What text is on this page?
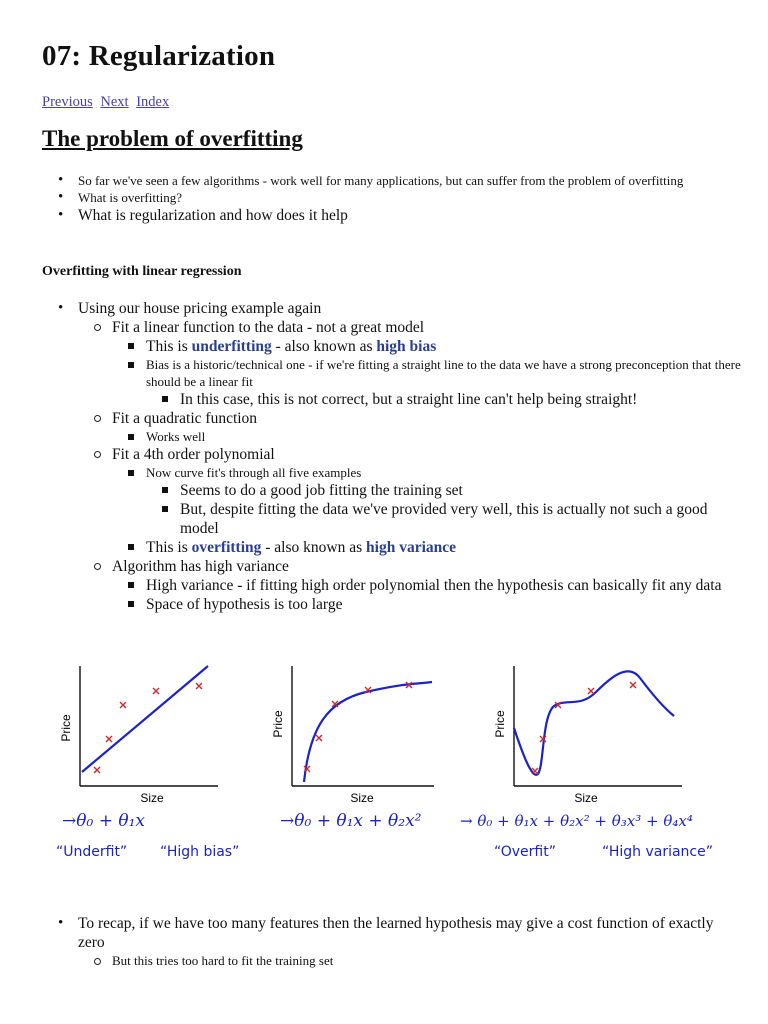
07: Regularization
Previous Next Index
The problem of overfitting
• So far we've seen a few algorithms - work well for many applications, but can suffer from the problem of overfitting
• What is overfitting?
• What is regularization and how does it help
Overfitting with linear regression
• Using our house pricing example again
Fit a linear function to the data - not a great model
This is underfitting - also known as high bias
Bias is a historic/technical one - if we're fitting a straight line to the data we have a strong preconception that there should be a linear fit
In this case, this is not correct, but a straight line can't help being straight!
Fit a quadratic function
Works well
Fit a 4th order polynomial
Now curve fit's through all five examples
Seems to do a good job fitting the training set
But, despite fitting the data we've provided very well, this is actually not such a good model
This is overfitting - also known as high variance
Algorithm has high variance
High variance - if fitting high order polynomial then the hypothesis can basically fit any data
Space of hypothesis is too large
• To recap, if we have too many features then the learned hypothesis may give a cost function of exactly zero
But this tries too hard to fit the training set
Price
Size
→θ₀ + θ₁x
“Underfit” “High bias”
Price
Size
→θ₀ + θ₁x + θ₂x²
Price
Size
→ θ₀ + θ₁x + θ₂x² + θ₃x³ + θ₄x⁴
“Overfit”	“High variance”
